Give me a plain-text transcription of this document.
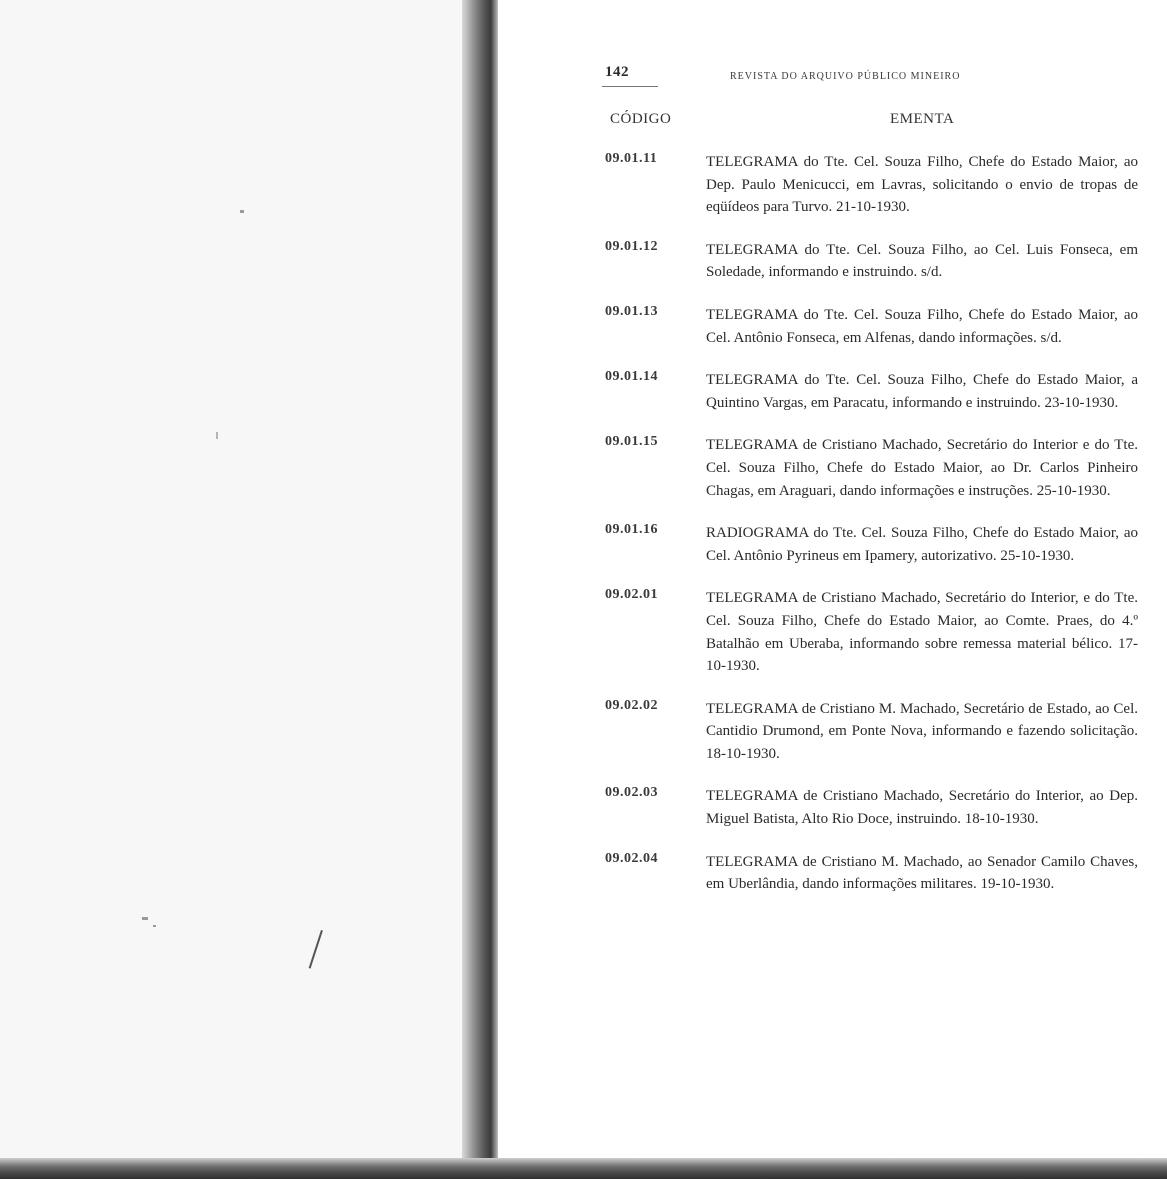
142	REVISTA DO ARQUIVO PÚBLICO MINEIRO
CÓDIGO	EMENTA
09.01.11	TELEGRAMA do Tte. Cel. Souza Filho, Chefe do Estado Maior, ao Dep. Paulo Menicucci, em Lavras, solicitando o envio de tropas de eqüídeos para Turvo. 21-10-1930.
09.01.12	TELEGRAMA do Tte. Cel. Souza Filho, ao Cel. Luis Fonseca, em Soledade, informando e instruindo. s/d.
09.01.13	TELEGRAMA do Tte. Cel. Souza Filho, Chefe do Estado Maior, ao Cel. Antônio Fonseca, em Alfenas, dando informações. s/d.
09.01.14	TELEGRAMA do Tte. Cel. Souza Filho, Chefe do Estado Maior, a Quintino Vargas, em Paracatu, informando e instruindo. 23-10-1930.
09.01.15	TELEGRAMA de Cristiano Machado, Secretário do Interior e do Tte. Cel. Souza Filho, Chefe do Estado Maior, ao Dr. Carlos Pinheiro Chagas, em Araguari, dando informações e instruções. 25-10-1930.
09.01.16	RADIOGRAMA do Tte. Cel. Souza Filho, Chefe do Estado Maior, ao Cel. Antônio Pyrineus em Ipamery, autorizativo. 25-10-1930.
09.02.01	TELEGRAMA de Cristiano Machado, Secretário do Interior, e do Tte. Cel. Souza Filho, Chefe do Estado Maior, ao Comte. Praes, do 4.º Batalhão em Uberaba, informando sobre remessa material bélico. 17-10-1930.
09.02.02	TELEGRAMA de Cristiano M. Machado, Secretário de Estado, ao Cel. Cantidio Drumond, em Ponte Nova, informando e fazendo solicitação. 18-10-1930.
09.02.03	TELEGRAMA de Cristiano Machado, Secretário do Interior, ao Dep. Miguel Batista, Alto Rio Doce, instruindo. 18-10-1930.
09.02.04	TELEGRAMA de Cristiano M. Machado, ao Senador Camilo Chaves, em Uberlândia, dando informações militares. 19-10-1930.
